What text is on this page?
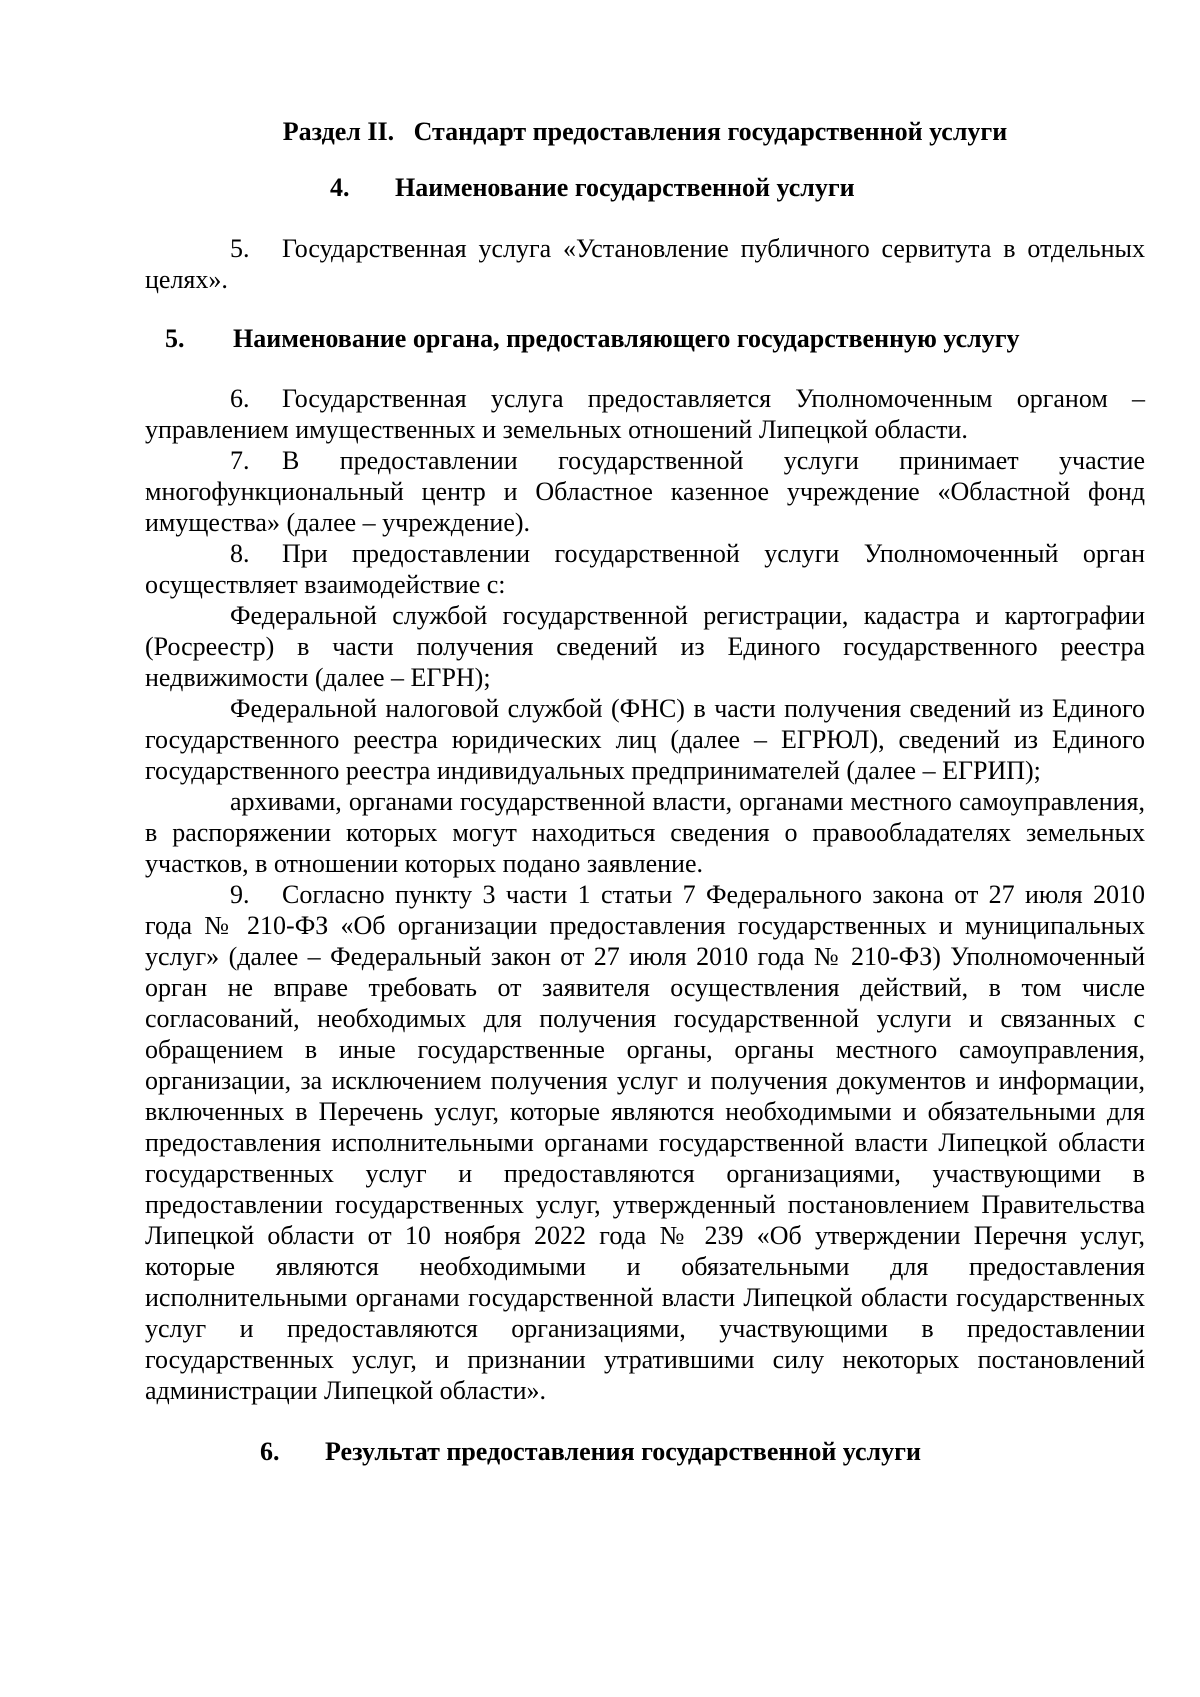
Раздел II.   Стандарт предоставления государственной услуги
4.	Наименование государственной услуги

5. Государственная услуга «Установление публичного сервитута в отдельных целях».

5.	Наименование органа, предоставляющего государственную услугу

6. Государственная услуга предоставляется Уполномоченным органом – управлением имущественных и земельных отношений Липецкой области.

7. В предоставлении государственной услуги принимает участие многофункциональный центр и Областное казенное учреждение «Областной фонд имущества» (далее – учреждение).

8. При предоставлении государственной услуги Уполномоченный орган осуществляет взаимодействие с:

Федеральной службой государственной регистрации, кадастра и картографии (Росреестр) в части получения сведений из Единого государственного реестра недвижимости (далее – ЕГРН);

Федеральной налоговой службой (ФНС) в части получения сведений из Единого государственного реестра юридических лиц (далее – ЕГРЮЛ), сведений из Единого государственного реестра индивидуальных предпринимателей (далее – ЕГРИП);

архивами, органами государственной власти, органами местного самоуправления, в распоряжении которых могут находиться сведения о правообладателях земельных участков, в отношении которых подано заявление.

9. Согласно пункту 3 части 1 статьи 7 Федерального закона от 27 июля 2010 года № 210-ФЗ «Об организации предоставления государственных и муниципальных услуг» (далее – Федеральный закон от 27 июля 2010 года № 210-ФЗ) Уполномоченный орган не вправе требовать от заявителя осуществления действий, в том числе согласований, необходимых для получения государственной услуги и связанных с обращением в иные государственные органы, органы местного самоуправления, организации, за исключением получения услуг и получения документов и информации, включенных в Перечень услуг, которые являются необходимыми и обязательными для предоставления исполнительными органами государственной власти Липецкой области государственных услуг и предоставляются организациями, участвующими в предоставлении государственных услуг, утвержденный постановлением Правительства Липецкой области от 10 ноября 2022 года № 239 «Об утверждении Перечня услуг, которые являются необходимыми и обязательными для предоставления исполнительными органами государственной власти Липецкой области государственных услуг и предоставляются организациями, участвующими в предоставлении государственных услуг, и признании утратившими силу некоторых постановлений администрации Липецкой области».

6.	Результат предоставления государственной услуги
